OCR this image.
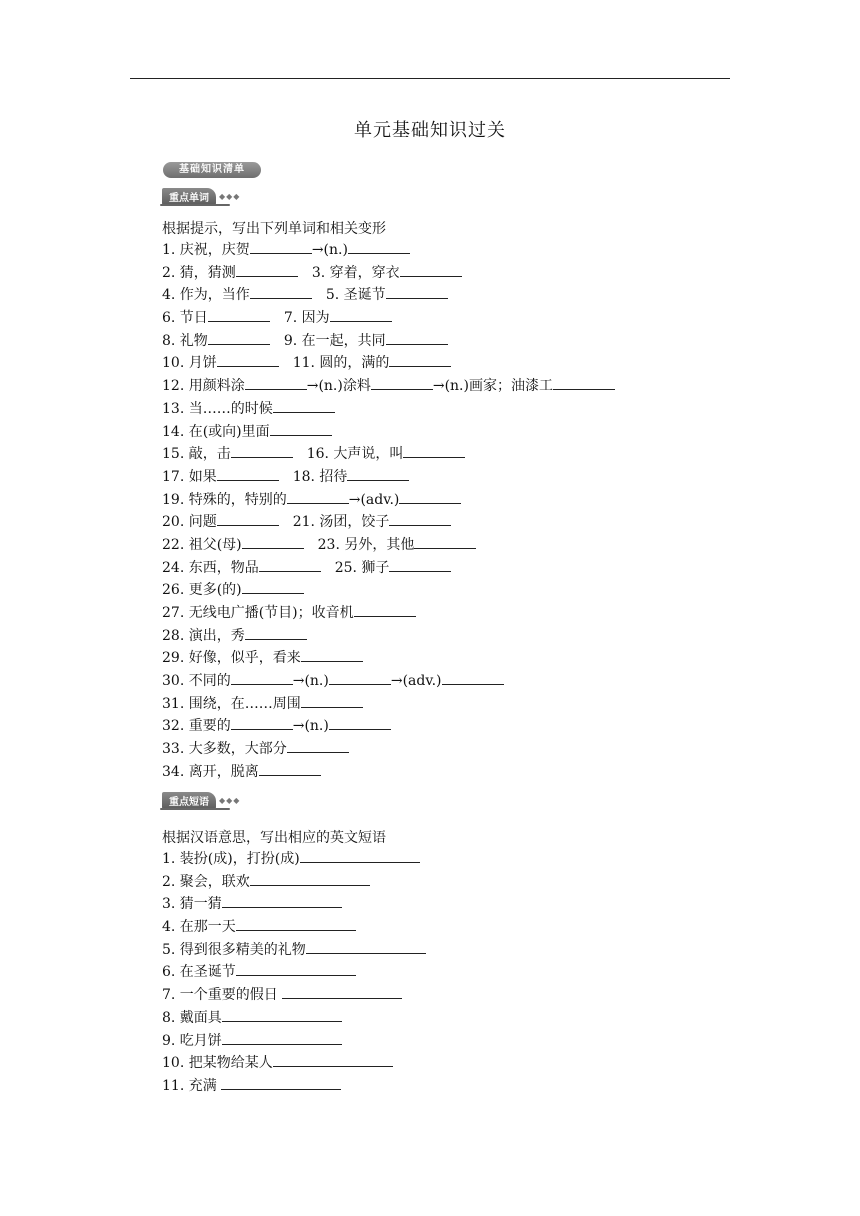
单元基础知识过关
基础知识清单
重点单词	◆◆◆
根据提示，写出下列单词和相关变形
1. 庆祝，庆贺	→(n.)
2. 猜，猜测	3. 穿着，穿衣
4. 作为，当作	5. 圣诞节
6. 节日	7. 因为
8. 礼物	9. 在一起，共同
10. 月饼	11. 圆的，满的
12. 用颜料涂	→(n.)涂料	→(n.)画家；油漆工
13. 当……的时候
14. 在(或向)里面
15. 敲，击	16. 大声说，叫
17. 如果	18. 招待
19. 特殊的，特别的	→(adv.)
20. 问题	21. 汤团，饺子
22. 祖父(母)	23. 另外，其他
24. 东西，物品	25. 狮子
26. 更多(的)
27. 无线电广播(节目)；收音机
28. 演出，秀
29. 好像，似乎，看来
30. 不同的	→(n.)	→(adv.)
31. 围绕，在……周围
32. 重要的	→(n.)
33. 大多数，大部分
34. 离开，脱离
重点短语	◆◆◆
根据汉语意思，写出相应的英文短语
1. 装扮(成)，打扮(成)
2. 聚会，联欢
3. 猜一猜
4. 在那一天
5. 得到很多精美的礼物
6. 在圣诞节
7. 一个重要的假日
8. 戴面具
9. 吃月饼
10. 把某物给某人
11. 充满
